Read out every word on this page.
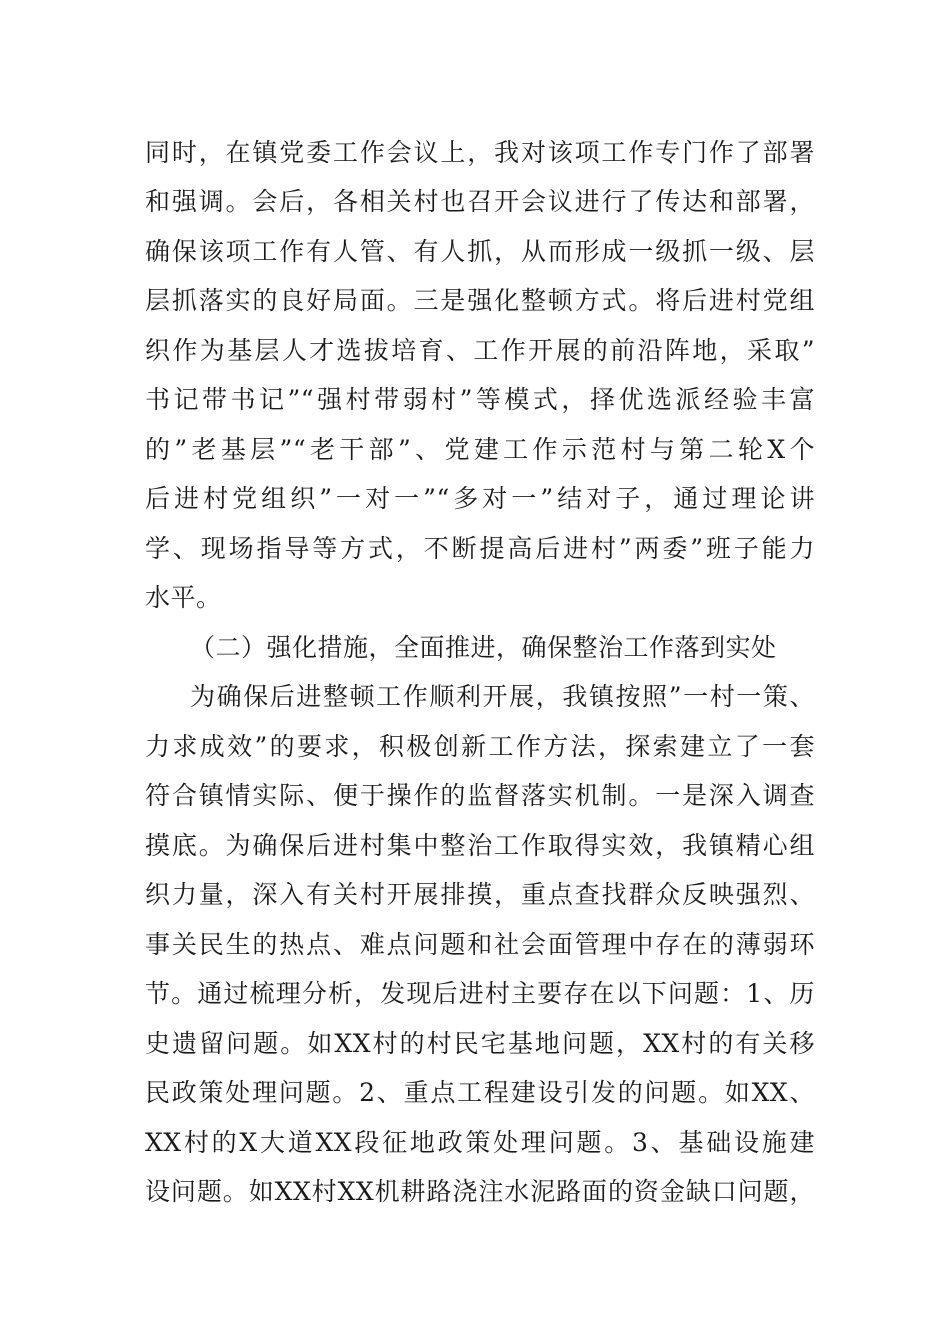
同时，在镇党委工作会议上，我对该项工作专门作了部署
和强调。会后，各相关村也召开会议进行了传达和部署，
确保该项工作有人管、有人抓，从而形成一级抓一级、层
层抓落实的良好局面。三是强化整顿方式。将后进村党组
织作为基层人才选拔培育、工作开展的前沿阵地，采取”
书记带书记”“强村带弱村”等模式，择优选派经验丰富
的”老基层”“老干部”、党建工作示范村与第二轮X个
后进村党组织”一对一”“多对一”结对子，通过理论讲
学、现场指导等方式，不断提高后进村”两委”班子能力
水平。
（二）强化措施，全面推进，确保整治工作落到实处
为确保后进整顿工作顺利开展，我镇按照”一村一策、
力求成效”的要求，积极创新工作方法，探索建立了一套
符合镇情实际、便于操作的监督落实机制。一是深入调查
摸底。为确保后进村集中整治工作取得实效，我镇精心组
织力量，深入有关村开展排摸，重点查找群众反映强烈、
事关民生的热点、难点问题和社会面管理中存在的薄弱环
节。通过梳理分析，发现后进村主要存在以下问题：1、历
史遗留问题。如XX村的村民宅基地问题，XX村的有关移
民政策处理问题。2、重点工程建设引发的问题。如XX、
XX村的X大道XX段征地政策处理问题。3、基础设施建
设问题。如XX村XX机耕路浇注水泥路面的资金缺口问题，
